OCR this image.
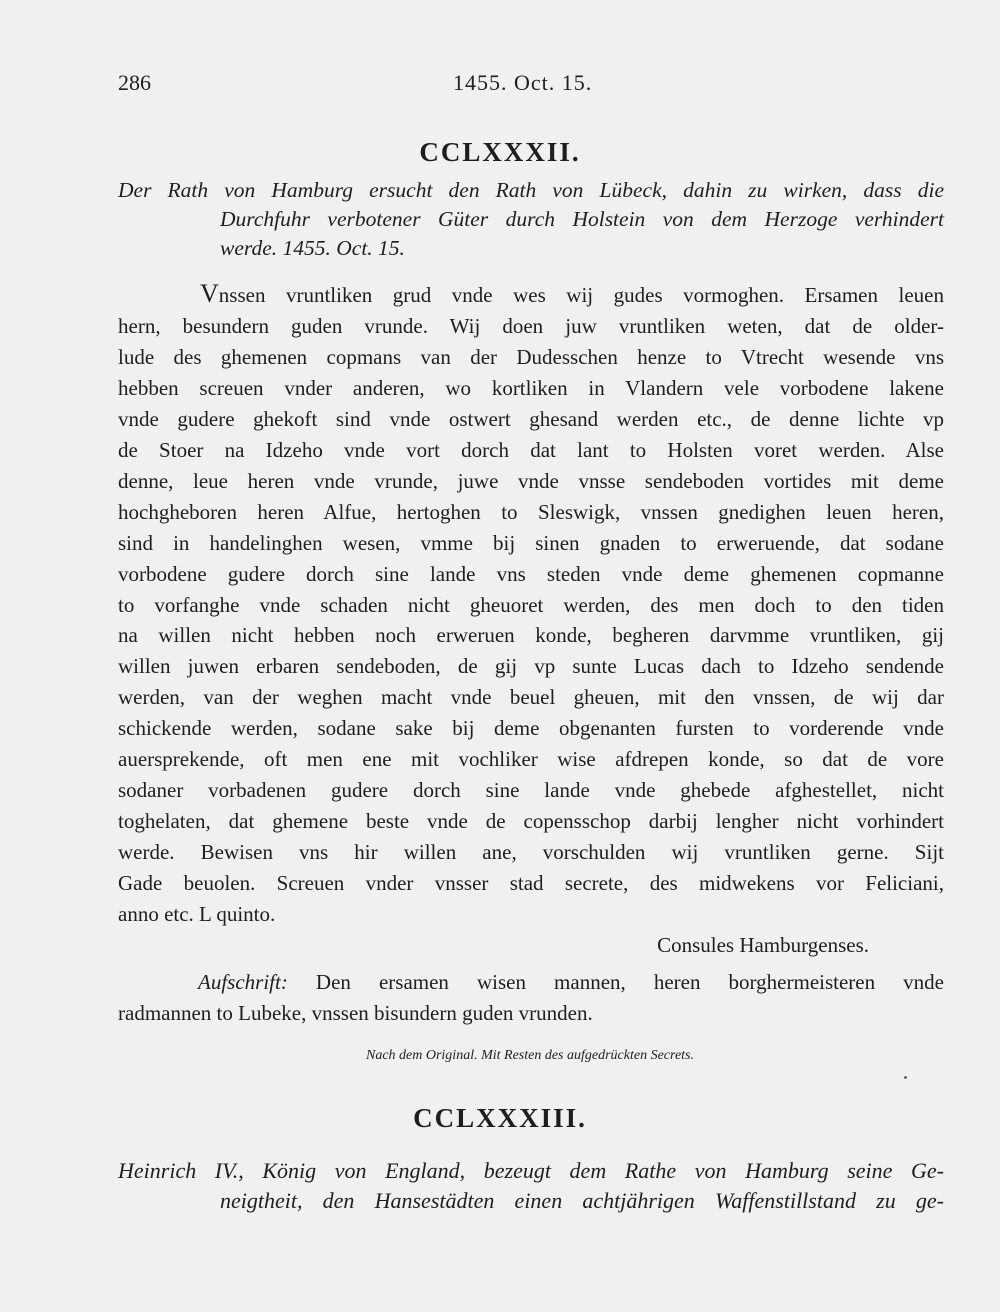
286	1455. Oct. 15.
CCLXXXII.
Der Rath von Hamburg ersucht den Rath von Lübeck, dahin zu wirken, dass die
Durchfuhr verbotener Güter durch Holstein von dem Herzoge verhindert
werde. 1455. Oct. 15.
Vnssen vruntliken grud vnde wes wij gudes vormoghen. Ersamen leuen
hern, besundern guden vrunde. Wij doen juw vruntliken weten, dat de older-
lude des ghemenen copmans van der Dudesschen henze to Vtrecht wesende vns
hebben screuen vnder anderen, wo kortliken in Vlandern vele vorbodene lakene
vnde gudere ghekoft sind vnde ostwert ghesand werden etc., de denne lichte vp
de Stoer na Idzeho vnde vort dorch dat lant to Holsten voret werden. Alse
denne, leue heren vnde vrunde, juwe vnde vnsse sendeboden vortides mit deme
hochgheboren heren Alfue, hertoghen to Sleswigk, vnssen gnedighen leuen heren,
sind in handelinghen wesen, vmme bij sinen gnaden to erweruende, dat sodane
vorbodene gudere dorch sine lande vns steden vnde deme ghemenen copmanne
to vorfanghe vnde schaden nicht gheuoret werden, des men doch to den tiden
na willen nicht hebben noch erweruen konde, begheren darvmme vruntliken, gij
willen juwen erbaren sendeboden, de gij vp sunte Lucas dach to Idzeho sendende
werden, van der weghen macht vnde beuel gheuen, mit den vnssen, de wij dar
schickende werden, sodane sake bij deme obgenanten fursten to vorderende vnde
auersprekende, oft men ene mit vochliker wise afdrepen konde, so dat de vore
sodaner vorbadenen gudere dorch sine lande vnde ghebede afghestellet, nicht
toghelaten, dat ghemene beste vnde de copensschop darbij lengher nicht vorhindert
werde. Bewisen vns hir willen ane, vorschulden wij vruntliken gerne. Sijt
Gade beuolen. Screuen vnder vnsser stad secrete, des midwekens vor Feliciani,
anno etc. L quinto.
Consules Hamburgenses.
Aufschrift: Den ersamen wisen mannen, heren borghermeisteren vnde
radmannen to Lubeke, vnssen bisundern guden vrunden.
Nach dem Original. Mit Resten des aufgedrückten Secrets.
CCLXXXIII.
Heinrich IV., König von England, bezeugt dem Rathe von Hamburg seine Ge-
neigtheit, den Hansestädten einen achtjährigen Waffenstillstand zu ge-
